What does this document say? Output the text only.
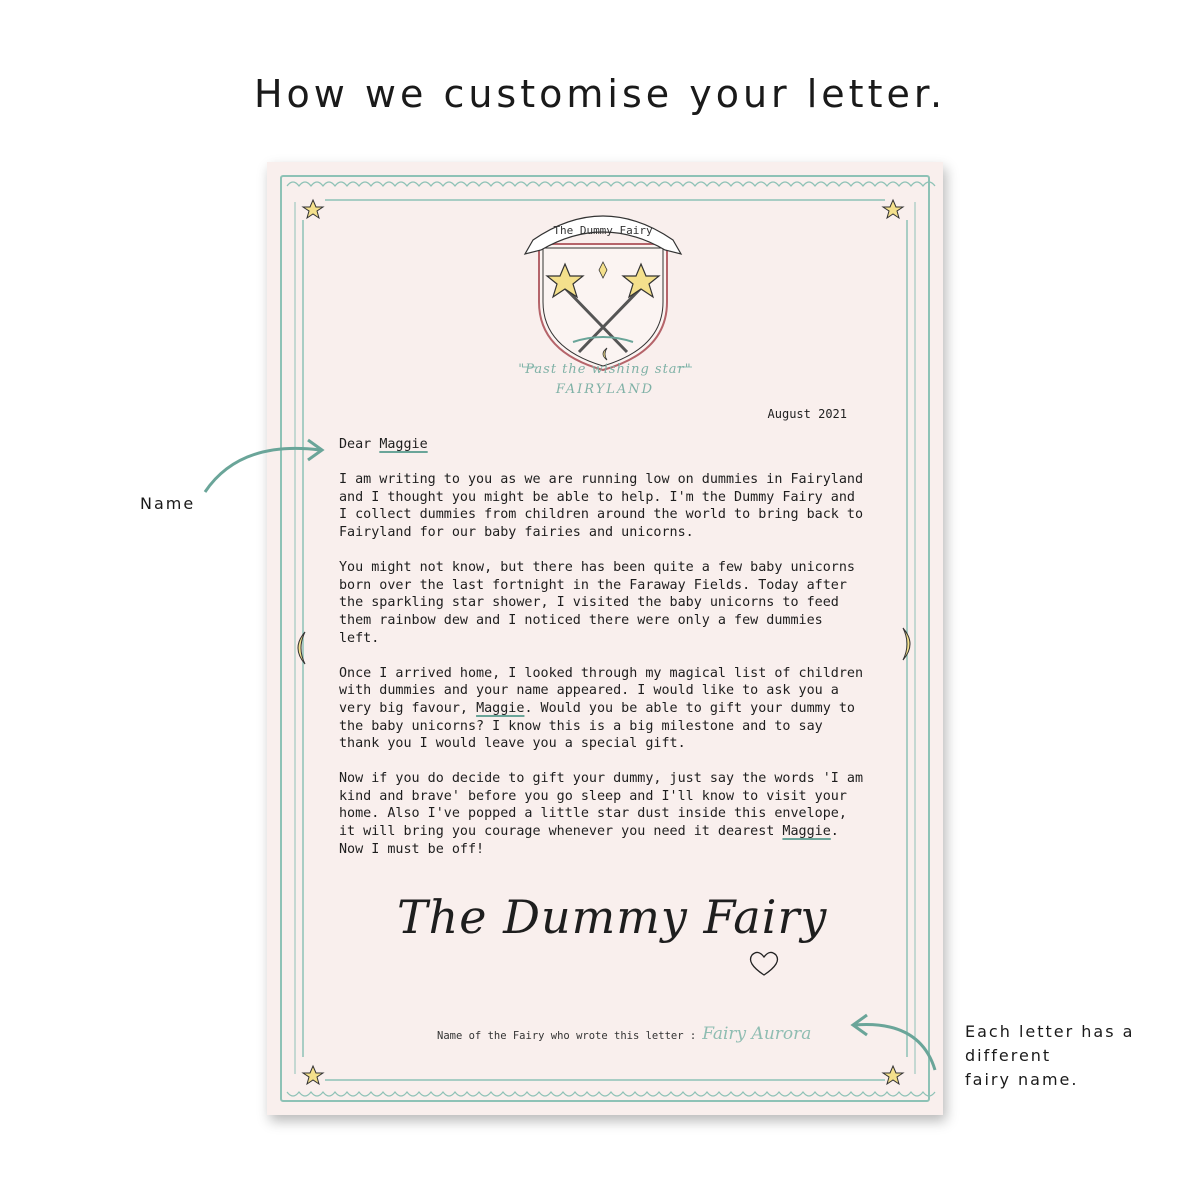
How we customise your letter.
The Dummy Fairy
"Past the wishing star"
FAIRYLAND
August 2021

Dear Maggie

I am writing to you as we are running low on dummies in Fairyland and I thought you might be able to help. I'm the Dummy Fairy and I collect dummies from children around the world to bring back to Fairyland for our baby fairies and unicorns.

You might not know, but there has been quite a few baby unicorns born over the last fortnight in the Faraway Fields. Today after the sparkling star shower, I visited the baby unicorns to feed them rainbow dew and I noticed there were only a few dummies left.

Once I arrived home, I looked through my magical list of children with dummies and your name appeared. I would like to ask you a very big favour, Maggie. Would you be able to gift your dummy to the baby unicorns? I know this is a big milestone and to say thank you I would leave you a special gift.

Now if you do decide to gift your dummy, just say the words 'I am kind and brave' before you go sleep and I'll know to visit your home. Also I've popped a little star dust inside this envelope, it will bring you courage whenever you need it dearest Maggie. Now I must be off!

The Dummy Fairy
Name of the Fairy who wrote this letter : Fairy Aurora
Name
Each letter has a
different
fairy name.
